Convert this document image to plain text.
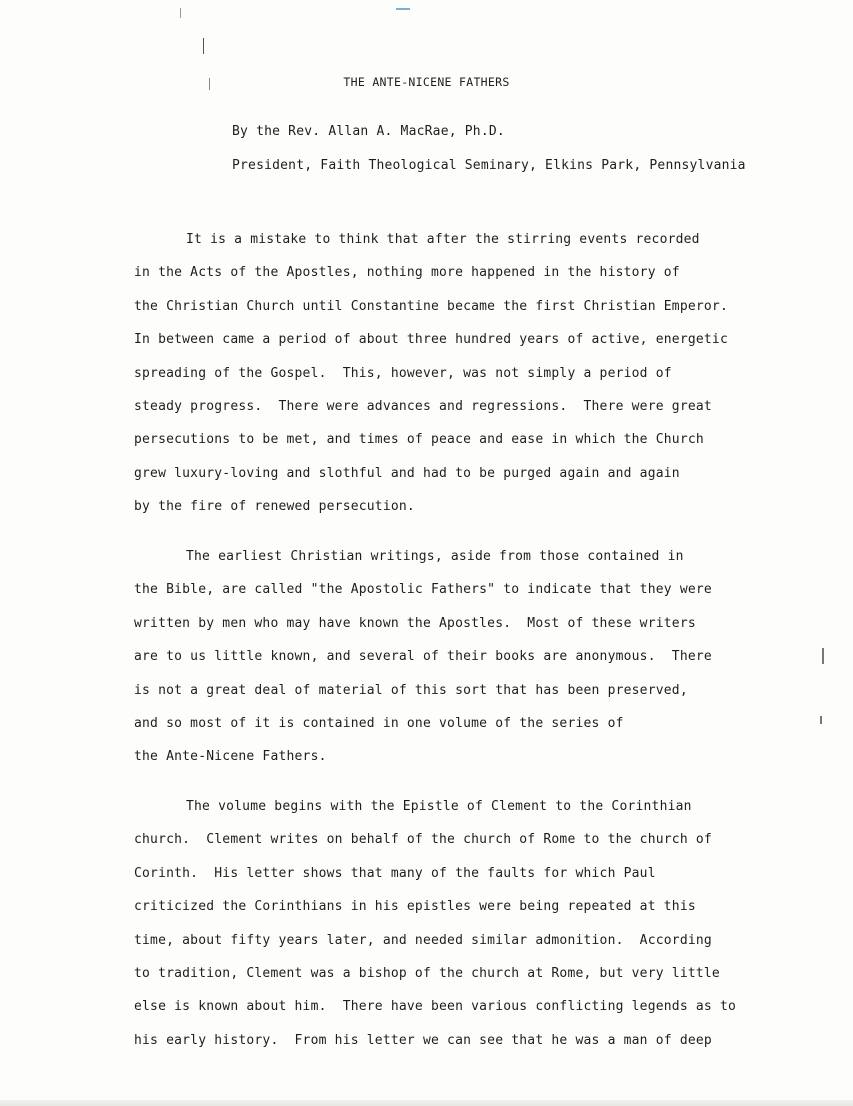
THE ANTE-NICENE FATHERS
By the Rev. Allan A. MacRae, Ph.D.
President, Faith Theological Seminary, Elkins Park, Pennsylvania
It is a mistake to think that after the stirring events recorded
in the Acts of the Apostles, nothing more happened in the history of
the Christian Church until Constantine became the first Christian Emperor.
In between came a period of about three hundred years of active, energetic
spreading of the Gospel.  This, however, was not simply a period of
steady progress.  There were advances and regressions.  There were great
persecutions to be met, and times of peace and ease in which the Church
grew luxury-loving and slothful and had to be purged again and again
by the fire of renewed persecution.
The earliest Christian writings, aside from those contained in
the Bible, are called "the Apostolic Fathers" to indicate that they were
written by men who may have known the Apostles.  Most of these writers
are to us little known, and several of their books are anonymous.  There
is not a great deal of material of this sort that has been preserved,
and so most of it is contained in one volume of the series of
the Ante-Nicene Fathers.
The volume begins with the Epistle of Clement to the Corinthian
church.  Clement writes on behalf of the church of Rome to the church of
Corinth.  His letter shows that many of the faults for which Paul
criticized the Corinthians in his epistles were being repeated at this
time, about fifty years later, and needed similar admonition.  According
to tradition, Clement was a bishop of the church at Rome, but very little
else is known about him.  There have been various conflicting legends as to
his early history.  From his letter we can see that he was a man of deep
